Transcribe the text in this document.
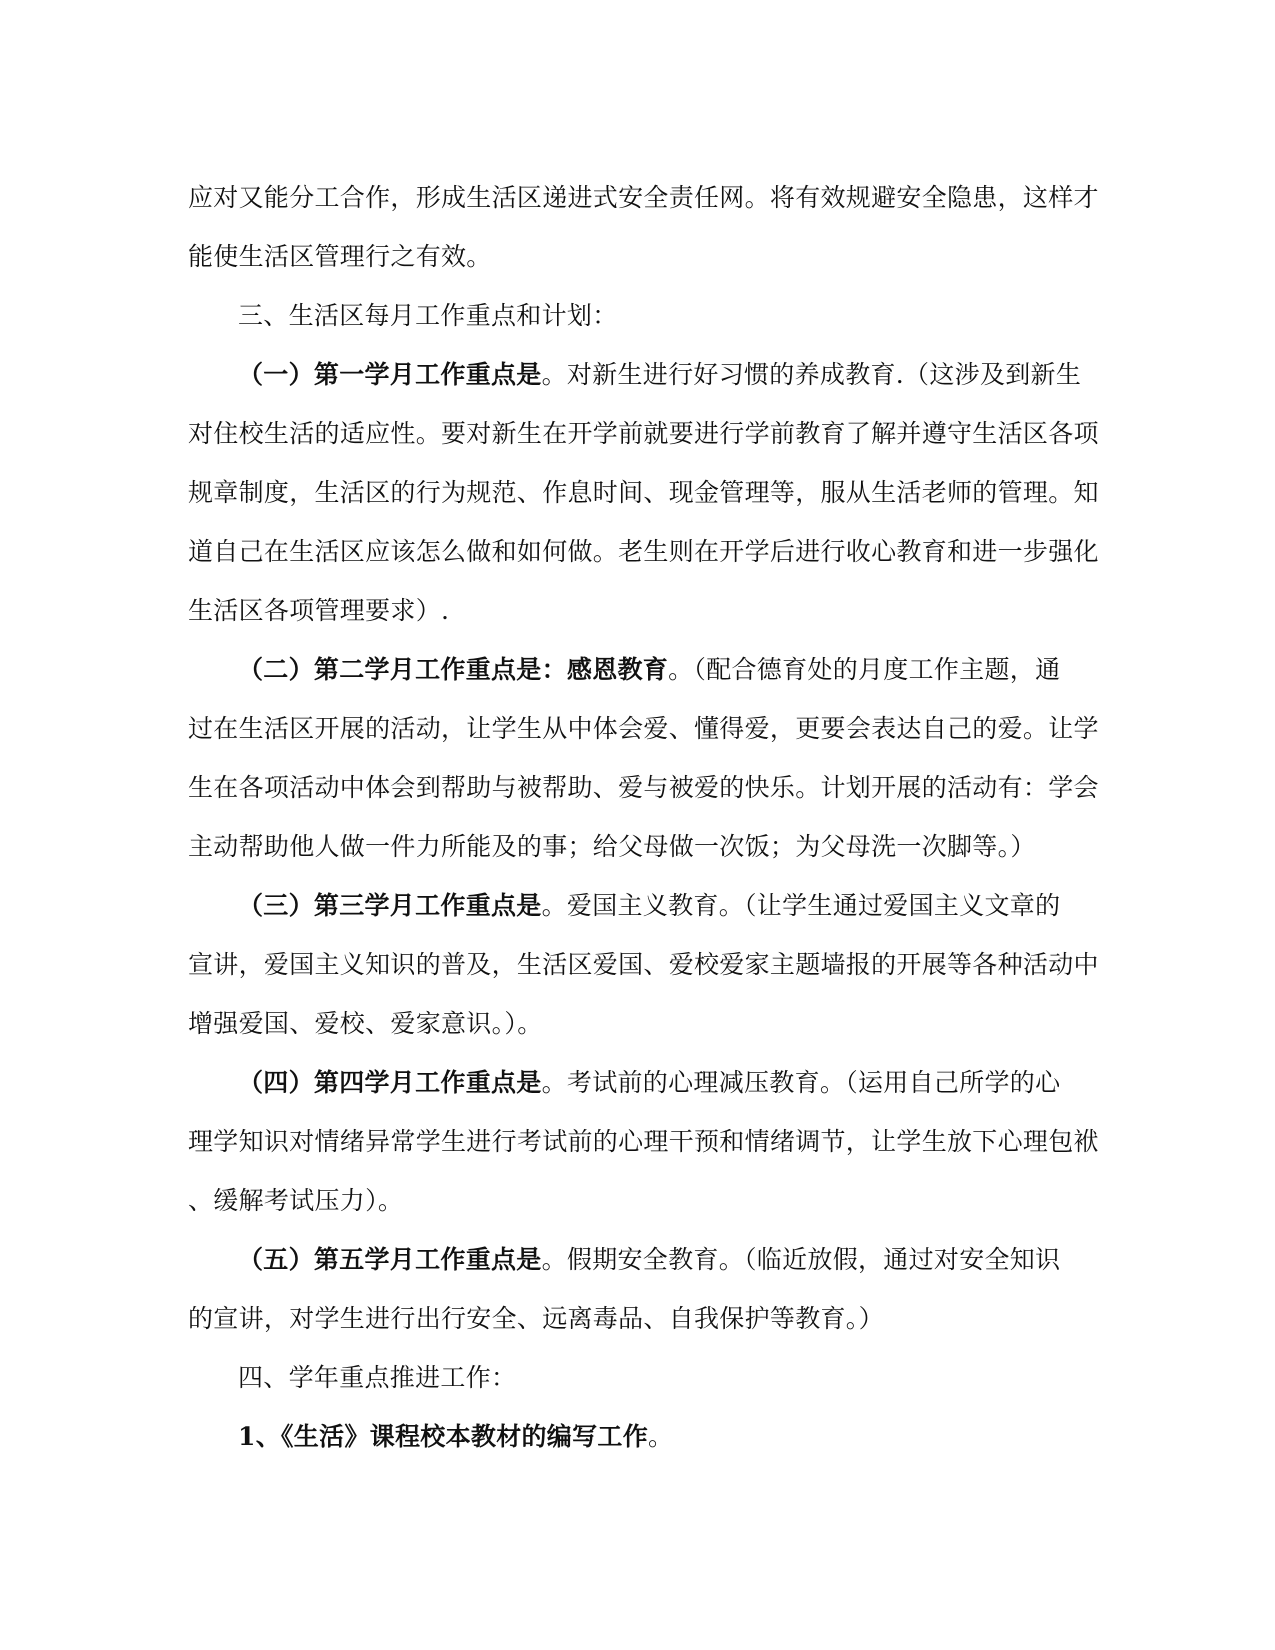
应对又能分工合作，形成生活区递进式安全责任网。将有效规避安全隐患，这样才
能使生活区管理行之有效。
三、生活区每月工作重点和计划：
（一）第一学月工作重点是。对新生进行好习惯的养成教育.（这涉及到新生
对住校生活的适应性。要对新生在开学前就要进行学前教育了解并遵守生活区各项
规章制度，生活区的行为规范、作息时间、现金管理等，服从生活老师的管理。知
道自己在生活区应该怎么做和如何做。老生则在开学后进行收心教育和进一步强化
生活区各项管理要求）.
（二）第二学月工作重点是：感恩教育。（配合德育处的月度工作主题，通
过在生活区开展的活动，让学生从中体会爱、懂得爱，更要会表达自己的爱。让学
生在各项活动中体会到帮助与被帮助、爱与被爱的快乐。计划开展的活动有：学会
主动帮助他人做一件力所能及的事；给父母做一次饭；为父母洗一次脚等。）
（三）第三学月工作重点是。爱国主义教育。（让学生通过爱国主义文章的
宣讲，爱国主义知识的普及，生活区爱国、爱校爱家主题墙报的开展等各种活动中
增强爱国、爱校、爱家意识。）。
（四）第四学月工作重点是。考试前的心理减压教育。（运用自己所学的心
理学知识对情绪异常学生进行考试前的心理干预和情绪调节，让学生放下心理包袱
、缓解考试压力）。
（五）第五学月工作重点是。假期安全教育。（临近放假，通过对安全知识
的宣讲，对学生进行出行安全、远离毒品、自我保护等教育。）
四、学年重点推进工作：
1、《生活》课程校本教材的编写工作。
